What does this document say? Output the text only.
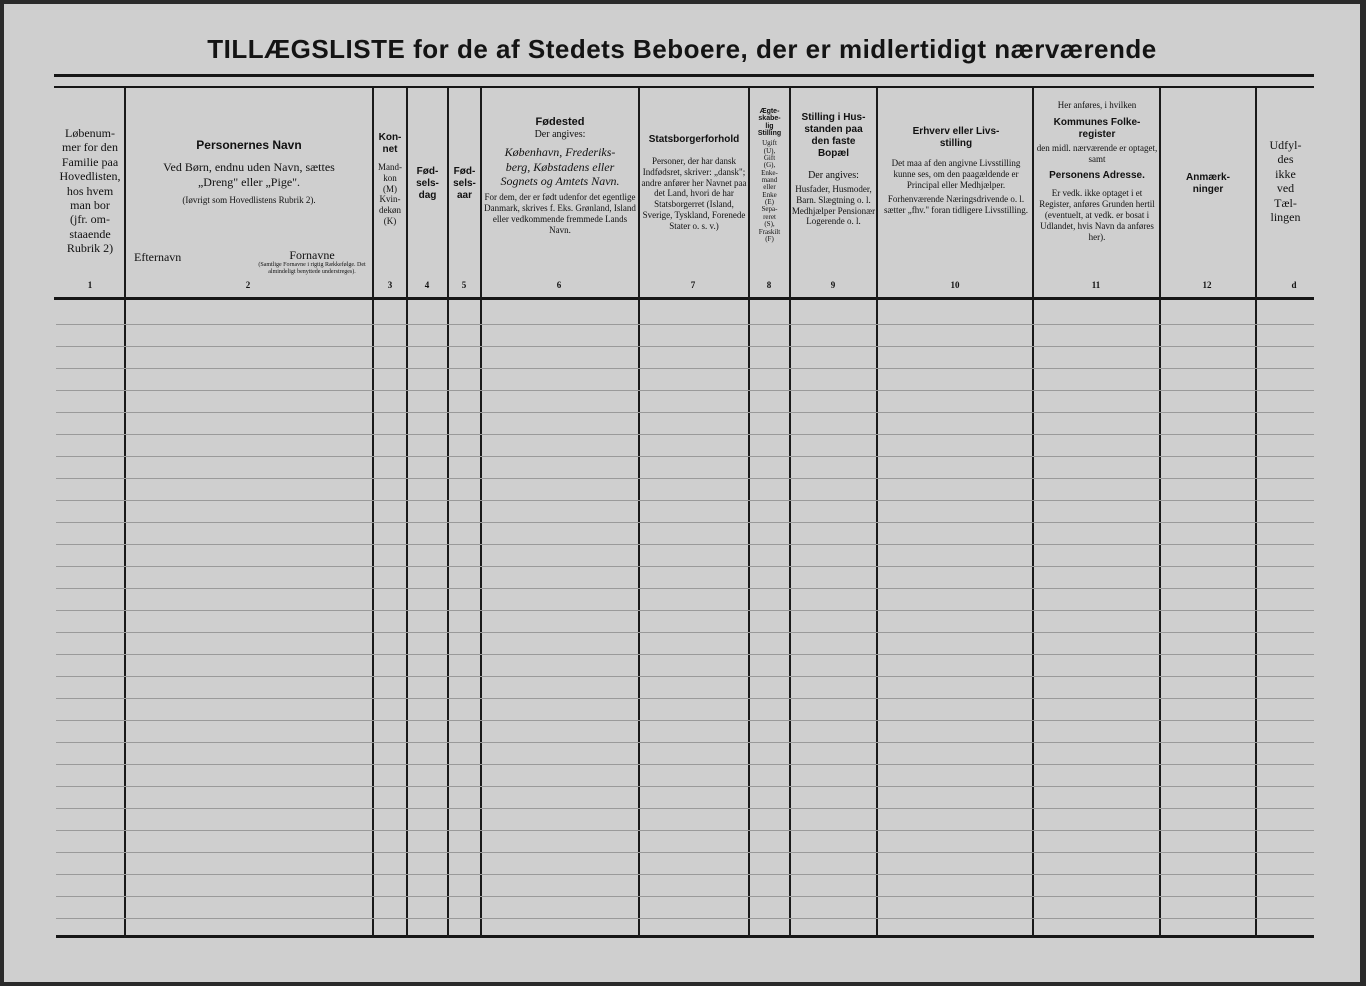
TILLÆGSLISTE for de af Stedets Beboere, der er midlertidigt nærværende
Løbenum-
mer for den
Familie paa
Hovedlisten,
hos hvem
man bor
(jfr. om-
staaende
Rubrik 2)
1
Personernes Navn
Ved Børn, endnu uden Navn, sættes
„Dreng" eller „Pige".
(Iøvrigt som Hovedlistens Rubrik 2).
Efternavn	Fornavne
(Samtlige Fornavne i rigtig Rækkefølge. Det almindeligt benyttede understreges).
2
Kon-
net
Mand-
kon
(M)
Kvin-
dekøn
(K)
3
Fød-
sels-
dag
4
Fød-
sels-
aar
5
Fødested
Der angives:
København, Frederiks-
berg, Købstadens eller
Sognets og Amtets Navn.
For dem, der er født udenfor det egentlige Danmark, skrives f. Eks. Grønland, Island eller vedkommende fremmede Lands Navn.
6
Statsborgerforhold
Personer, der har dansk Indfødsret, skriver: „dansk"; andre anfører her Navnet paa det Land, hvori de har Statsborgerret (Island, Sverige, Tyskland, Forenede Stater o. s. v.)
7
Ægte-
skabe-
lig
Stilling
Ugift
(U),
Gift
(G),
Enke-
mand
eller
Enke
(E)
Sepa-
reret
(S),
Fraskilt
(F)
8
Stilling i Hus-
standen paa
den faste
Bopæl
Der angives:
Husfader, Husmoder, Barn. Slægtning o. l. Medhjælper Pensionær Logerende o. l.
9
Erhverv eller Livs-
stilling
Det maa af den angivne Livsstilling kunne ses, om den paagældende er Principal eller Medhjælper.
Forhenværende Næringsdrivende o. l. sætter „fhv." foran tidligere Livsstilling.
10
Her anføres, i hvilken
Kommunes Folke-
register
den midl. nærværende er optaget, samt
Personens Adresse.
Er vedk. ikke optaget i et Register, anføres Grunden hertil (eventuelt, at vedk. er bosat i Udlandet, hvis Navn da anføres her).
11
Anmærk-
ninger
12
Udfyl-
des
ikke
ved
Tæl-
lingen
d
